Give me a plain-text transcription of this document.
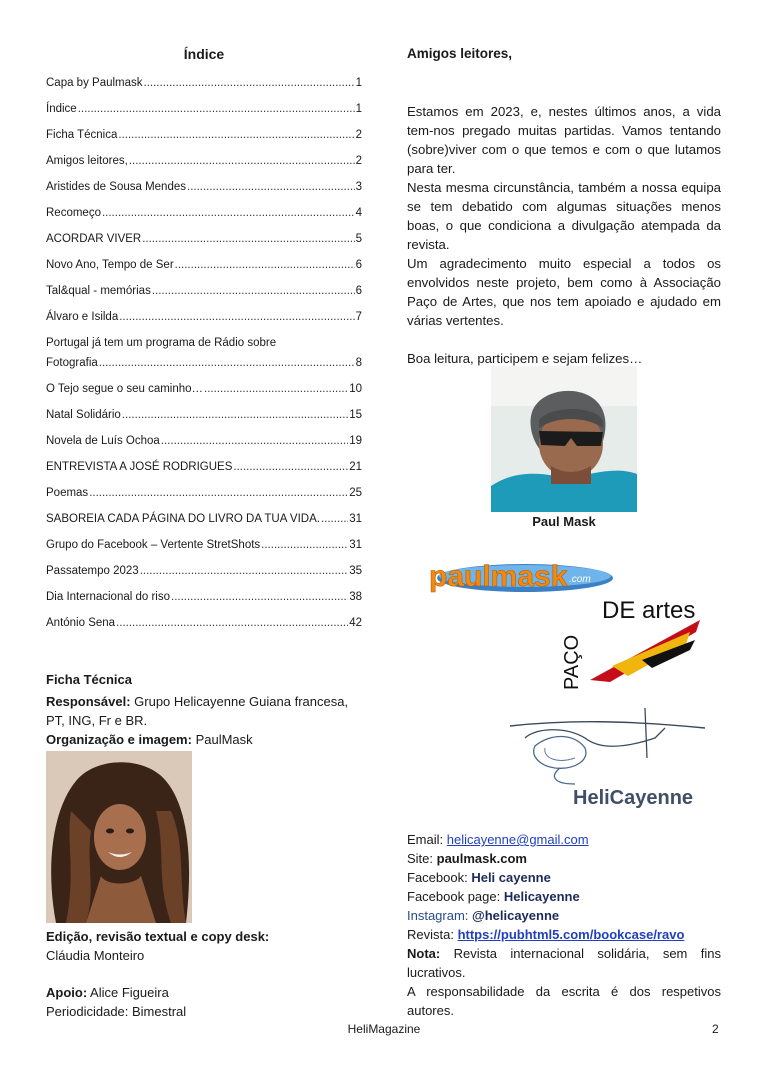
Índice
Capa by Paulmask .....	1
Índice .....	1
Ficha Técnica .....	2
Amigos leitores, .....	2
Aristides de Sousa Mendes .....	3
Recomeço .....	4
ACORDAR VIVER .....	5
Novo Ano, Tempo de Ser .....	6
Tal&qual - memórias .....	6
Álvaro e Isilda .....	7
Portugal já tem um programa de Rádio sobre
Fotografia .....	8
O Tejo segue o seu caminho… .....	10
Natal Solidário .....	15
Novela de Luís Ochoa .....	19
ENTREVISTA A JOSÉ RODRIGUES .....	21
Poemas .....	25
SABOREIA CADA PÁGINA DO LIVRO DA TUA VIDA. .....	31
Grupo do Facebook – Vertente StretShots .....	31
Passatempo 2023 .....	35
Dia Internacional do riso .....	38
António Sena .....	42
Ficha Técnica

Responsável: Grupo Helicayenne Guiana francesa, PT, ING, Fr e BR.

Organização e imagem: PaulMask

Edição, revisão textual e copy desk:

Cláudia Monteiro

Apoio: Alice Figueira

Periodicidade: Bimestral

Amigos leitores,

Estamos em 2023, e, nestes últimos anos, a vida tem-nos pregado muitas partidas. Vamos tentando (sobre)viver com o que temos e com o que lutamos para ter.

Nesta mesma circunstância, também a nossa equipa se tem debatido com algumas situações menos boas, o que condiciona a divulgação atempada da revista.

Um agradecimento muito especial a todos os envolvidos neste projeto, bem como à Associação Paço de Artes, que nos tem apoiado e ajudado em várias vertentes.

Boa leitura, participem e sejam felizes…

Paul Mask
paulmask .com
DE artes
PAÇO
HeliCayenne

Email: helicayenne@gmail.com

Site: paulmask.com

Facebook: Heli cayenne

Facebook page: Helicayenne

Instagram: @helicayenne

Revista: https://pubhtml5.com/bookcase/ravo

Nota: Revista internacional solidária, sem fins lucrativos.

A responsabilidade da escrita é dos respetivos autores.

HeliMagazine	2
